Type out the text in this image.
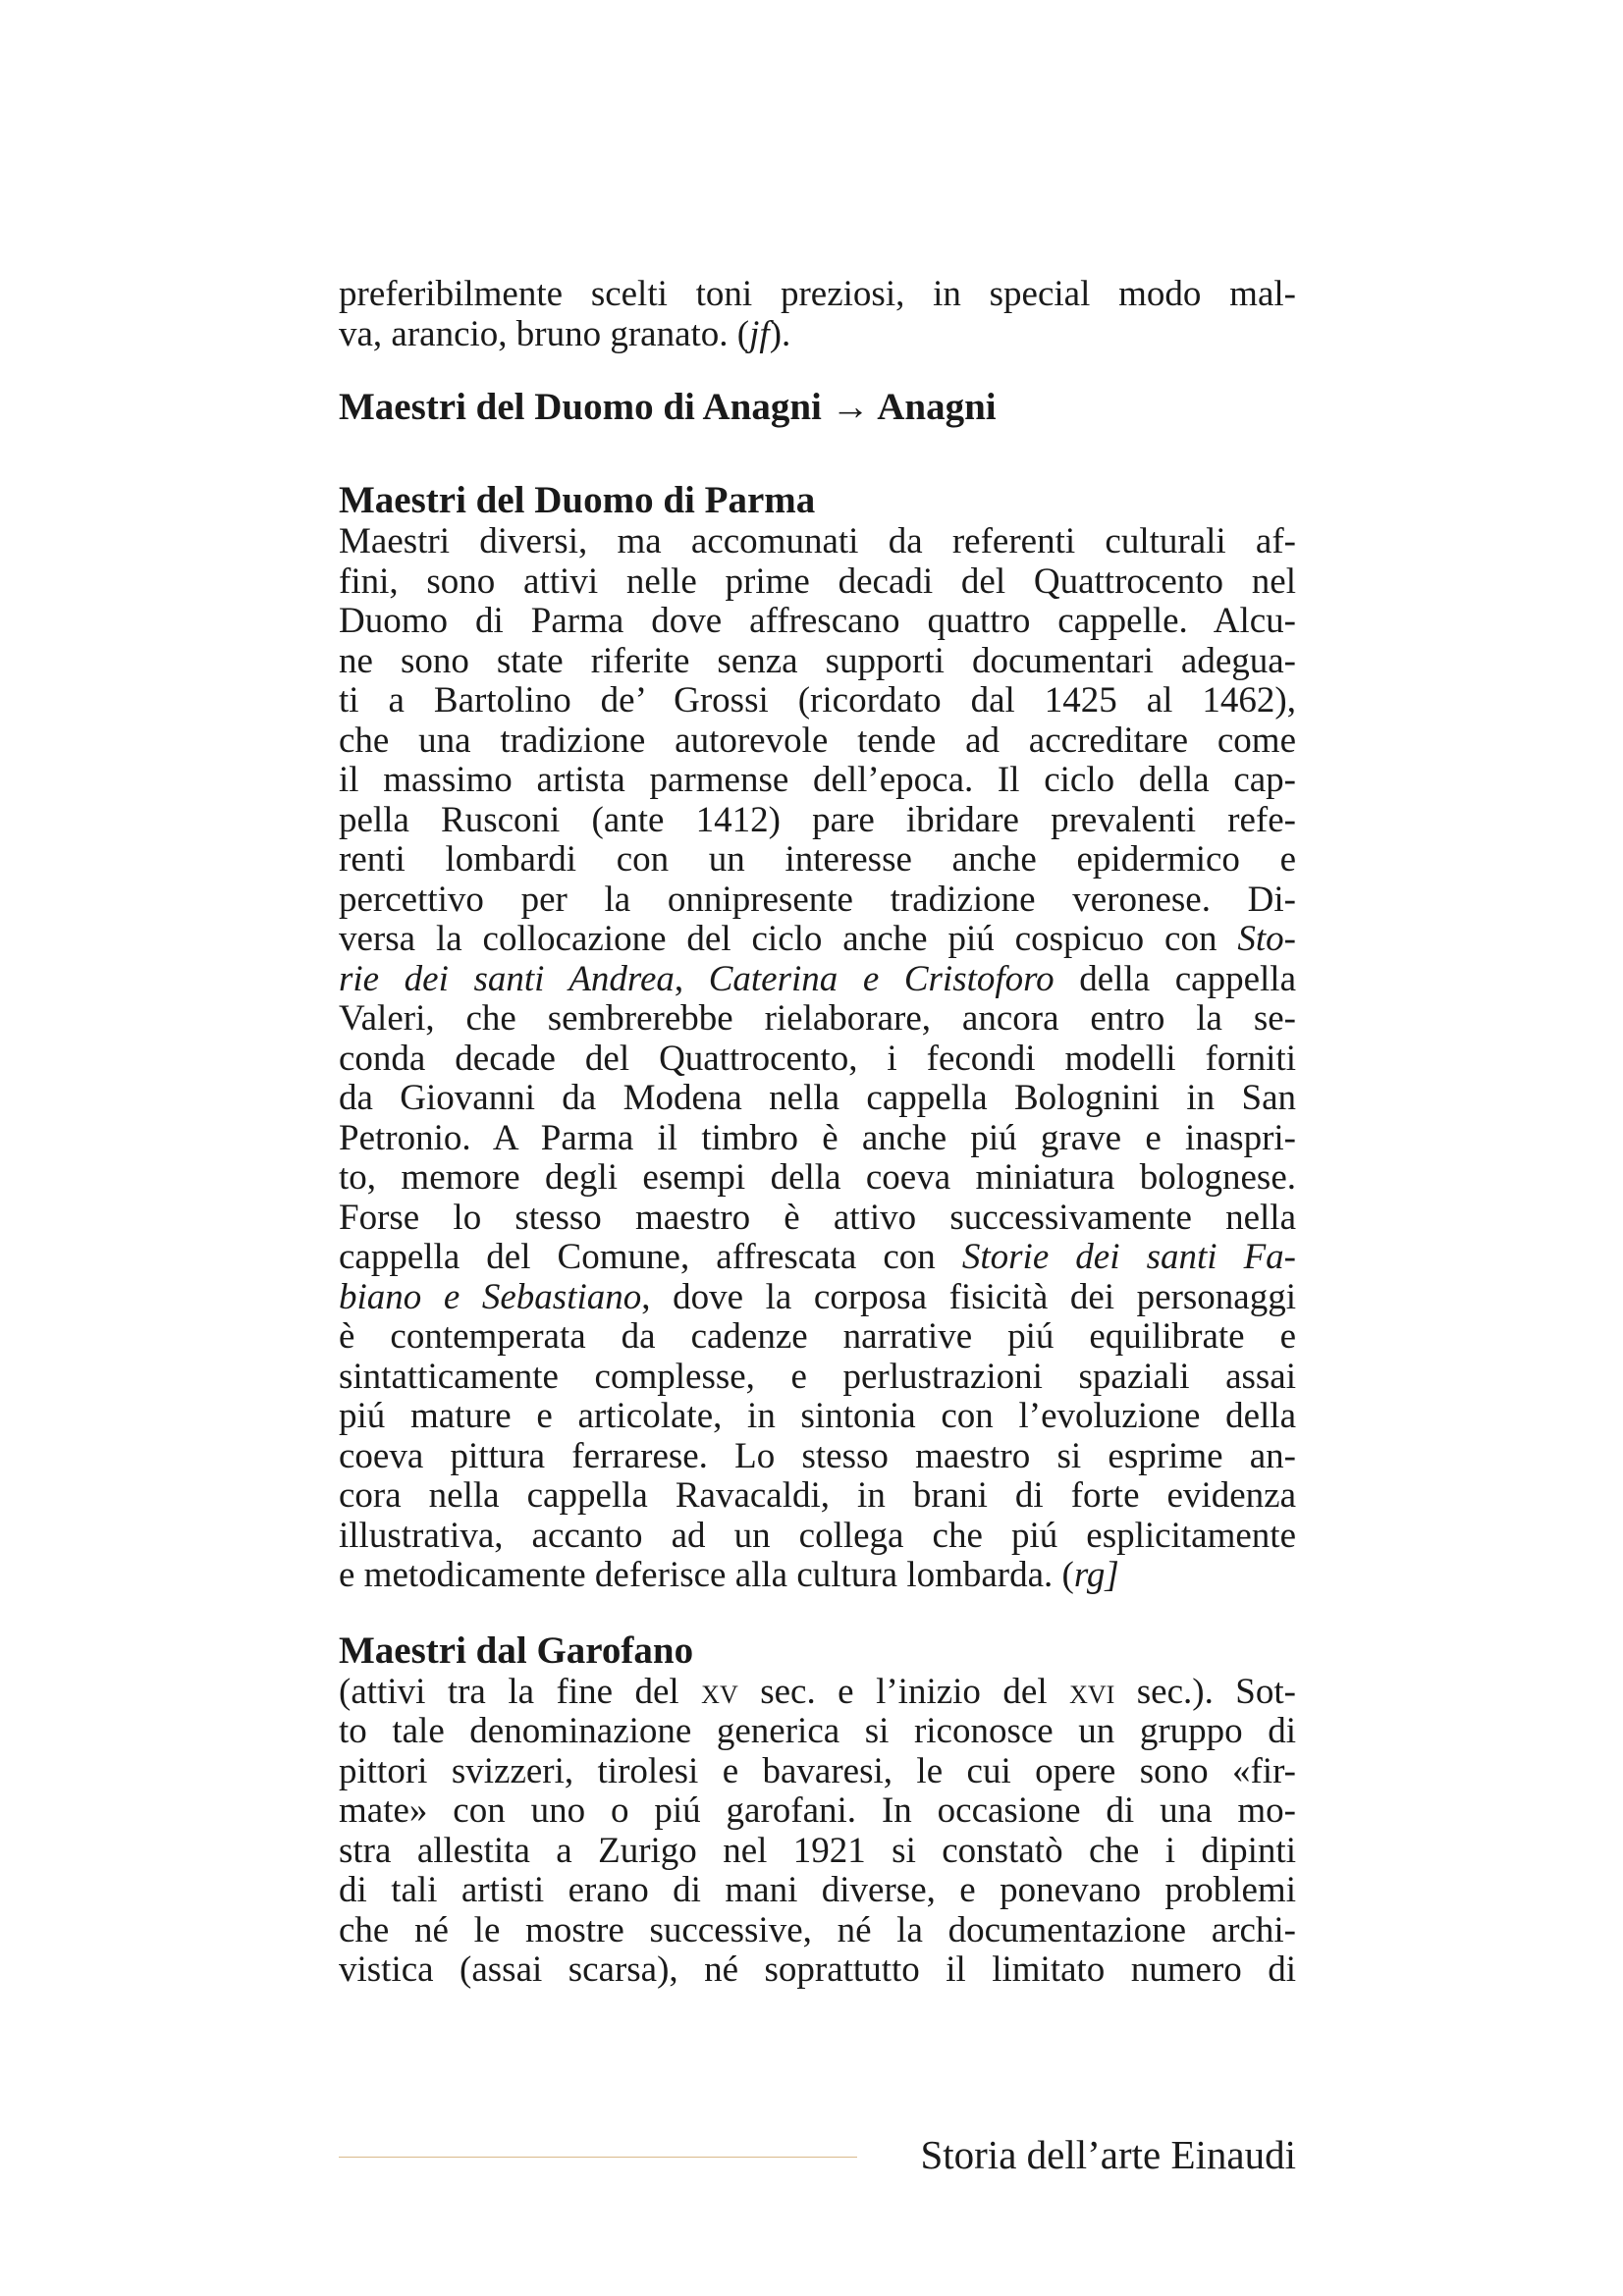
preferibilmente scelti toni preziosi, in special modo mal-
va, arancio, bruno granato. (jf).
Maestri del Duomo di Anagni → Anagni
Maestri del Duomo di Parma
Maestri diversi, ma accomunati da referenti culturali af-
fini, sono attivi nelle prime decadi del Quattrocento nel
Duomo di Parma dove affrescano quattro cappelle. Alcu-
ne sono state riferite senza supporti documentari adegua-
ti a Bartolino de’ Grossi (ricordato dal 1425 al 1462),
che una tradizione autorevole tende ad accreditare come
il massimo artista parmense dell’epoca. Il ciclo della cap-
pella Rusconi (ante 1412) pare ibridare prevalenti refe-
renti lombardi con un interesse anche epidermico e
percettivo per la onnipresente tradizione veronese. Di-
versa la collocazione del ciclo anche piú cospicuo con Sto-
rie dei santi Andrea, Caterina e Cristoforo della cappella
Valeri, che sembrerebbe rielaborare, ancora entro la se-
conda decade del Quattrocento, i fecondi modelli forniti
da Giovanni da Modena nella cappella Bolognini in San
Petronio. A Parma il timbro è anche piú grave e inaspri-
to, memore degli esempi della coeva miniatura bolognese.
Forse lo stesso maestro è attivo successivamente nella
cappella del Comune, affrescata con Storie dei santi Fa-
biano e Sebastiano, dove la corposa fisicità dei personaggi
è contemperata da cadenze narrative piú equilibrate e
sintatticamente complesse, e perlustrazioni spaziali assai
piú mature e articolate, in sintonia con l’evoluzione della
coeva pittura ferrarese. Lo stesso maestro si esprime an-
cora nella cappella Ravacaldi, in brani di forte evidenza
illustrativa, accanto ad un collega che piú esplicitamente
e metodicamente deferisce alla cultura lombarda. (rg]
Maestri dal Garofano
(attivi tra la fine del xv sec. e l’inizio del xvi sec.). Sot-
to tale denominazione generica si riconosce un gruppo di
pittori svizzeri, tirolesi e bavaresi, le cui opere sono «fir-
mate» con uno o piú garofani. In occasione di una mo-
stra allestita a Zurigo nel 1921 si constatò che i dipinti
di tali artisti erano di mani diverse, e ponevano problemi
che né le mostre successive, né la documentazione archi-
vistica (assai scarsa), né soprattutto il limitato numero di
Storia dell’arte Einaudi
